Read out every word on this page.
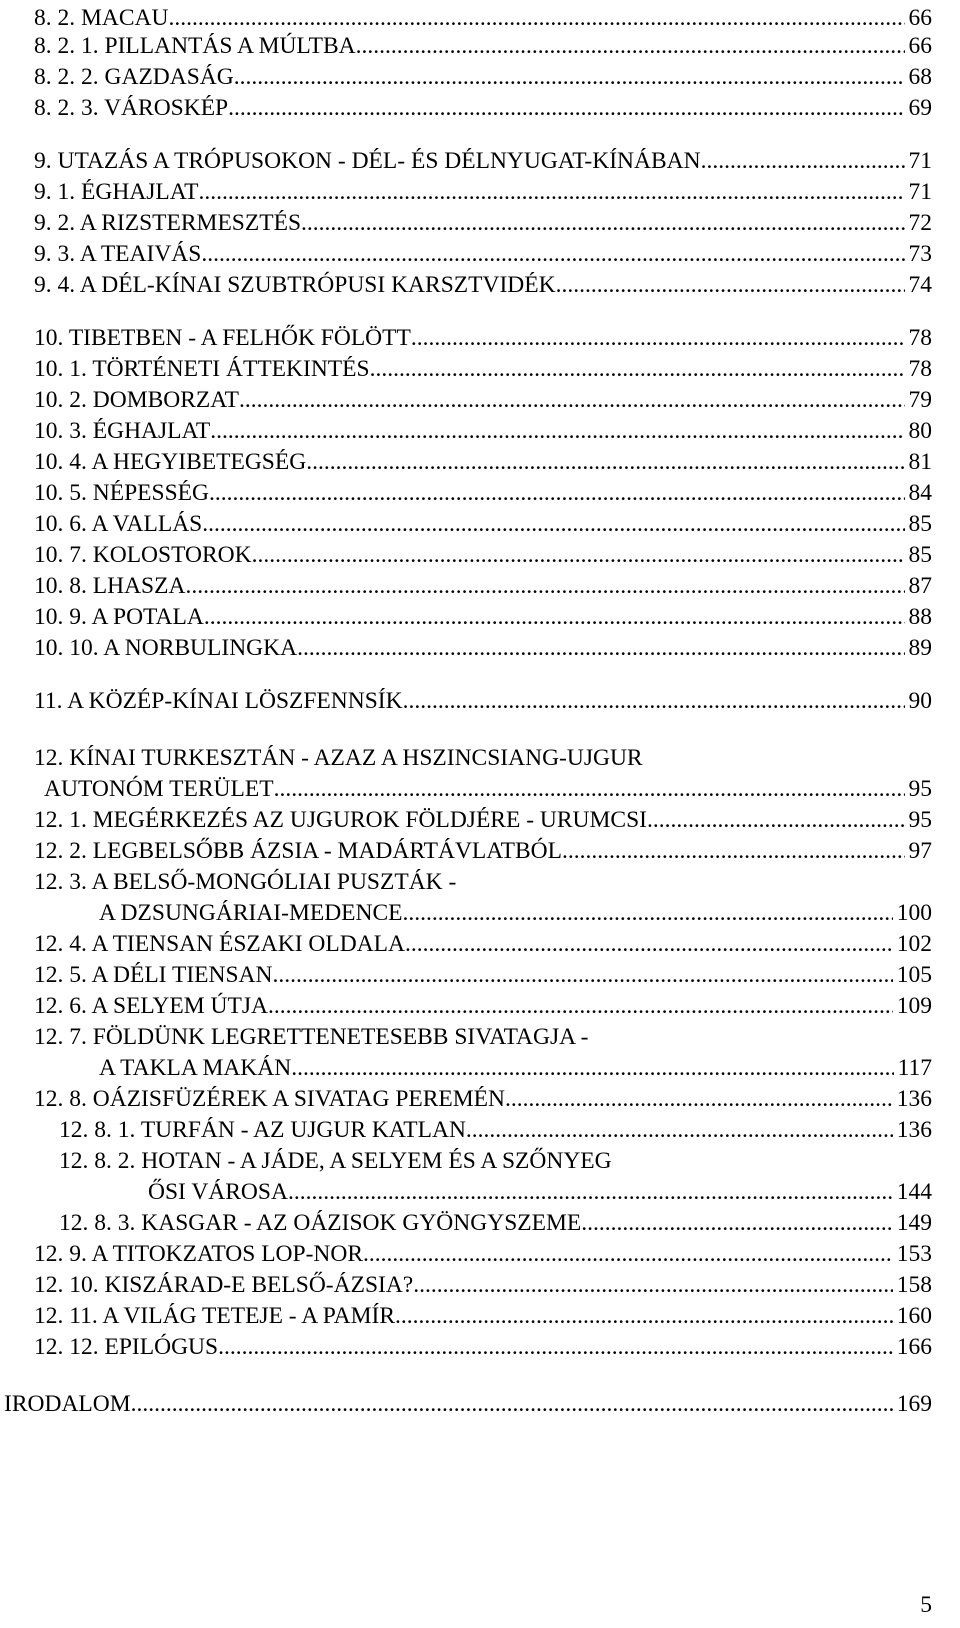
8. 2. MACAU .....	66
8. 2. 1. PILLANTÁS A MÚLTBA .....	66
8. 2. 2. GAZDASÁG .....	68
8. 2. 3. VÁROSKÉP .....	69
9. UTAZÁS A TRÓPUSOKON - DÉL- ÉS DÉLNYUGAT-KÍNÁBAN .....	71
9. 1. ÉGHAJLAT .....	71
9. 2. A RIZSTERMESZTÉS .....	72
9. 3. A TEAIVÁS .....	73
9. 4. A DÉL-KÍNAI SZUBTRÓPUSI KARSZTVIDÉK .....	74
10. TIBETBEN - A FELHŐK FÖLÖTT .....	78
10. 1. TÖRTÉNETI ÁTTEKINTÉS .....	78
10. 2. DOMBORZAT .....	79
10. 3. ÉGHAJLAT .....	80
10. 4. A HEGYIBETEGSÉG .....	81
10. 5. NÉPESSÉG .....	84
10. 6. A VALLÁS .....	85
10. 7. KOLOSTOROK .....	85
10. 8. LHASZA .....	87
10. 9. A POTALA .....	88
10. 10. A NORBULINGKA .....	89
11. A KÖZÉP-KÍNAI LÖSZFENNSÍK .....	90
12. KÍNAI TURKESZTÁN - AZAZ A HSZINCSIANG-UJGUR
AUTONÓM TERÜLET .....	95
12. 1. MEGÉRKEZÉS AZ UJGUROK FÖLDJÉRE - URUMCSI .....	95
12. 2. LEGBELSŐBB ÁZSIA - MADÁRTÁVLATBÓL .....	97
12. 3. A BELSŐ-MONGÓLIAI PUSZTÁK -
A DZSUNGÁRIAI-MEDENCE .....	100
12. 4. A TIENSAN ÉSZAKI OLDALA .....	102
12. 5. A DÉLI TIENSAN .....	105
12. 6. A SELYEM ÚTJA .....	109
12. 7. FÖLDÜNK LEGRETTENETESEBB SIVATAGJA -
A TAKLA MAKÁN .....	117
12. 8. OÁZISFÜZÉREK A SIVATAG PEREMÉN .....	136
12. 8. 1. TURFÁN - AZ UJGUR KATLAN .....	136
12. 8. 2. HOTAN - A JÁDE, A SELYEM ÉS A SZŐNYEG
ŐSI VÁROSA .....	144
12. 8. 3. KASGAR - AZ OÁZISOK GYÖNGYSZEME .....	149
12. 9. A TITOKZATOS LOP-NOR .....	153
12. 10. KISZÁRAD-E BELSŐ-ÁZSIA? .....	158
12. 11. A VILÁG TETEJE - A PAMÍR .....	160
12. 12. EPILÓGUS .....	166
IRODALOM .....	169
5
